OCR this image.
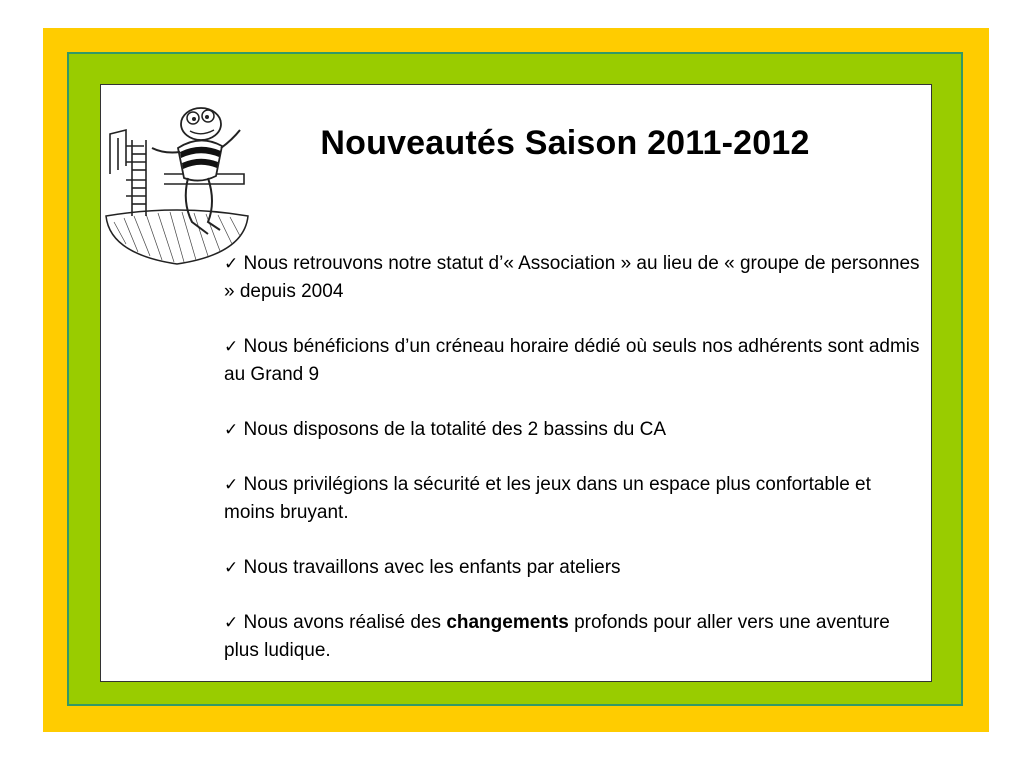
Nouveautés Saison 2011-2012
✓ Nous retrouvons notre statut d’« Association » au lieu de « groupe de personnes » depuis 2004
✓ Nous bénéficions d’un créneau horaire dédié où seuls nos adhérents sont admis au Grand 9
✓ Nous disposons de la totalité des 2 bassins du CA
✓ Nous privilégions la sécurité et les jeux dans un espace plus confortable et moins bruyant.
✓ Nous travaillons avec les enfants par ateliers
✓ Nous avons réalisé des changements profonds pour aller vers une aventure plus ludique.
